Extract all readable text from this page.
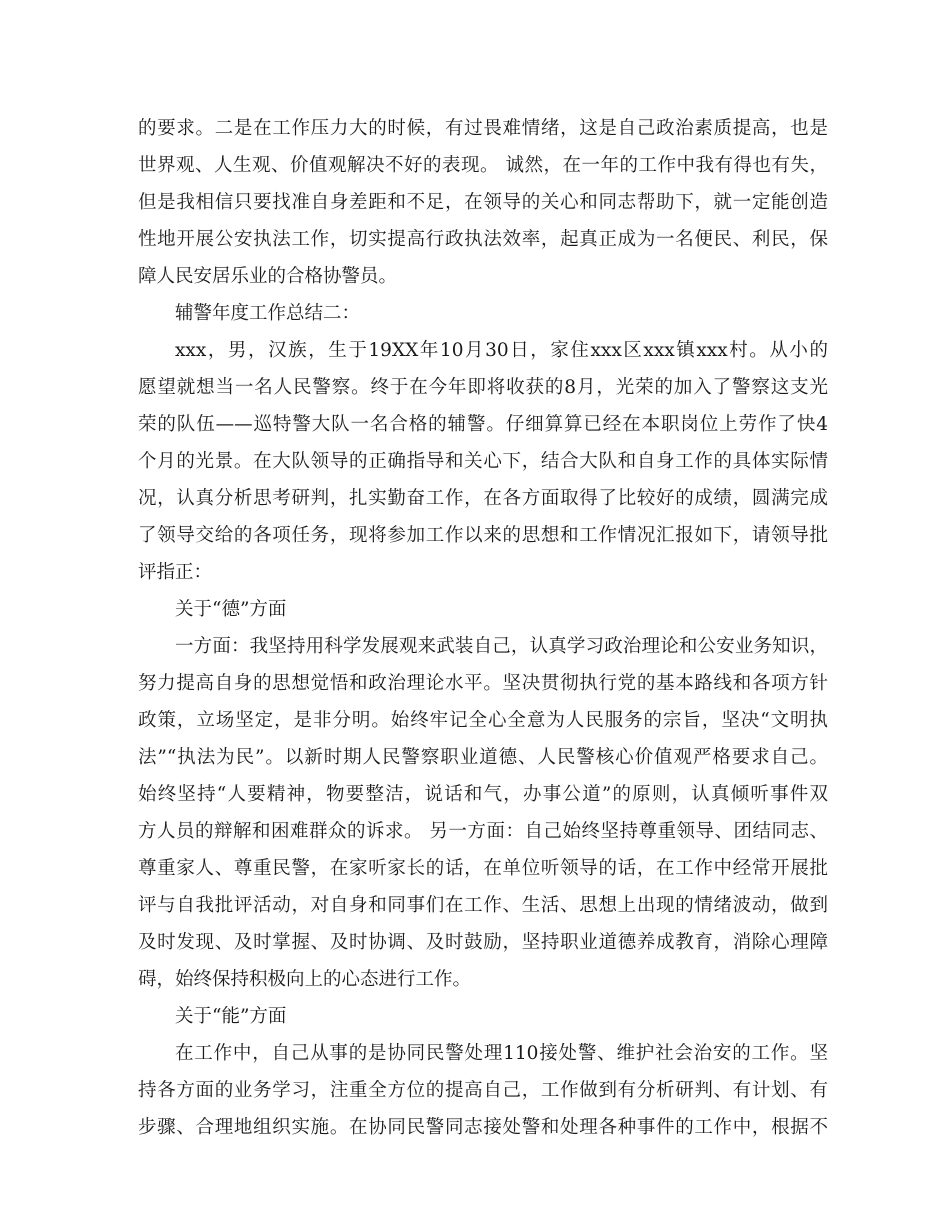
的要求。二是在工作压力大的时候，有过畏难情绪，这是自己政治素质提高，也是
世界观、人生观、价值观解决不好的表现。 诚然，在一年的工作中我有得也有失，
但是我相信只要找准自身差距和不足，在领导的关心和同志帮助下，就一定能创造
性地开展公安执法工作，切实提高行政执法效率，起真正成为一名便民、利民，保
障人民安居乐业的合格协警员。
辅警年度工作总结二：
xxx，男，汉族，生于19XX年10月30日，家住xxx区xxx镇xxx村。从小的
愿望就想当一名人民警察。终于在今年即将收获的8月，光荣的加入了警察这支光
荣的队伍——巡特警大队一名合格的辅警。仔细算算已经在本职岗位上劳作了快4
个月的光景。在大队领导的正确指导和关心下，结合大队和自身工作的具体实际情
况，认真分析思考研判，扎实勤奋工作，在各方面取得了比较好的成绩，圆满完成
了领导交给的各项任务，现将参加工作以来的思想和工作情况汇报如下，请领导批
评指正：
关于“德”方面
一方面：我坚持用科学发展观来武装自己，认真学习政治理论和公安业务知识，
努力提高自身的思想觉悟和政治理论水平。坚决贯彻执行党的基本路线和各项方针
政策，立场坚定，是非分明。始终牢记全心全意为人民服务的宗旨，坚决“文明执
法”“执法为民”。以新时期人民警察职业道德、人民警核心价值观严格要求自己。
始终坚持“人要精神，物要整洁，说话和气，办事公道”的原则，认真倾听事件双
方人员的辩解和困难群众的诉求。 另一方面：自己始终坚持尊重领导、团结同志、
尊重家人、尊重民警，在家听家长的话，在单位听领导的话，在工作中经常开展批
评与自我批评活动，对自身和同事们在工作、生活、思想上出现的情绪波动，做到
及时发现、及时掌握、及时协调、及时鼓励，坚持职业道德养成教育，消除心理障
碍，始终保持积极向上的心态进行工作。
关于“能”方面
在工作中，自己从事的是协同民警处理110接处警、维护社会治安的工作。坚
持各方面的业务学习，注重全方位的提高自己，工作做到有分析研判、有计划、有
步骤、合理地组织实施。在协同民警同志接处警和处理各种事件的工作中，根据不
